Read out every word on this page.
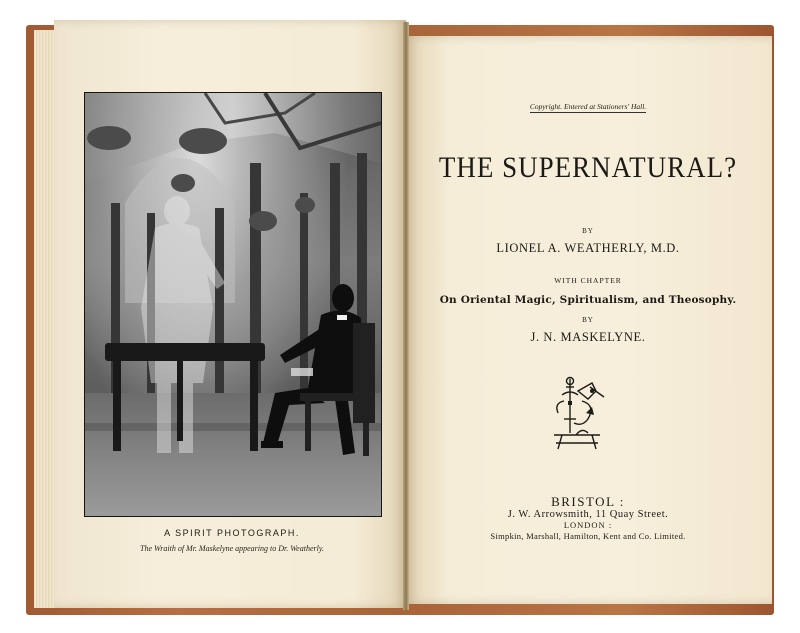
A SPIRIT PHOTOGRAPH.
The Wraith of Mr. Maskelyne appearing to Dr. Weatherly.
Copyright. Entered at Stationers' Hall.
THE SUPERNATURAL?
BY
LIONEL A. WEATHERLY, M.D.
WITH CHAPTER
On Oriental Magic, Spiritualism, and Theosophy.
BY
J. N. MASKELYNE.
BRISTOL :
J. W. Arrowsmith, 11 Quay Street.
LONDON :
Simpkin, Marshall, Hamilton, Kent and Co. Limited.
